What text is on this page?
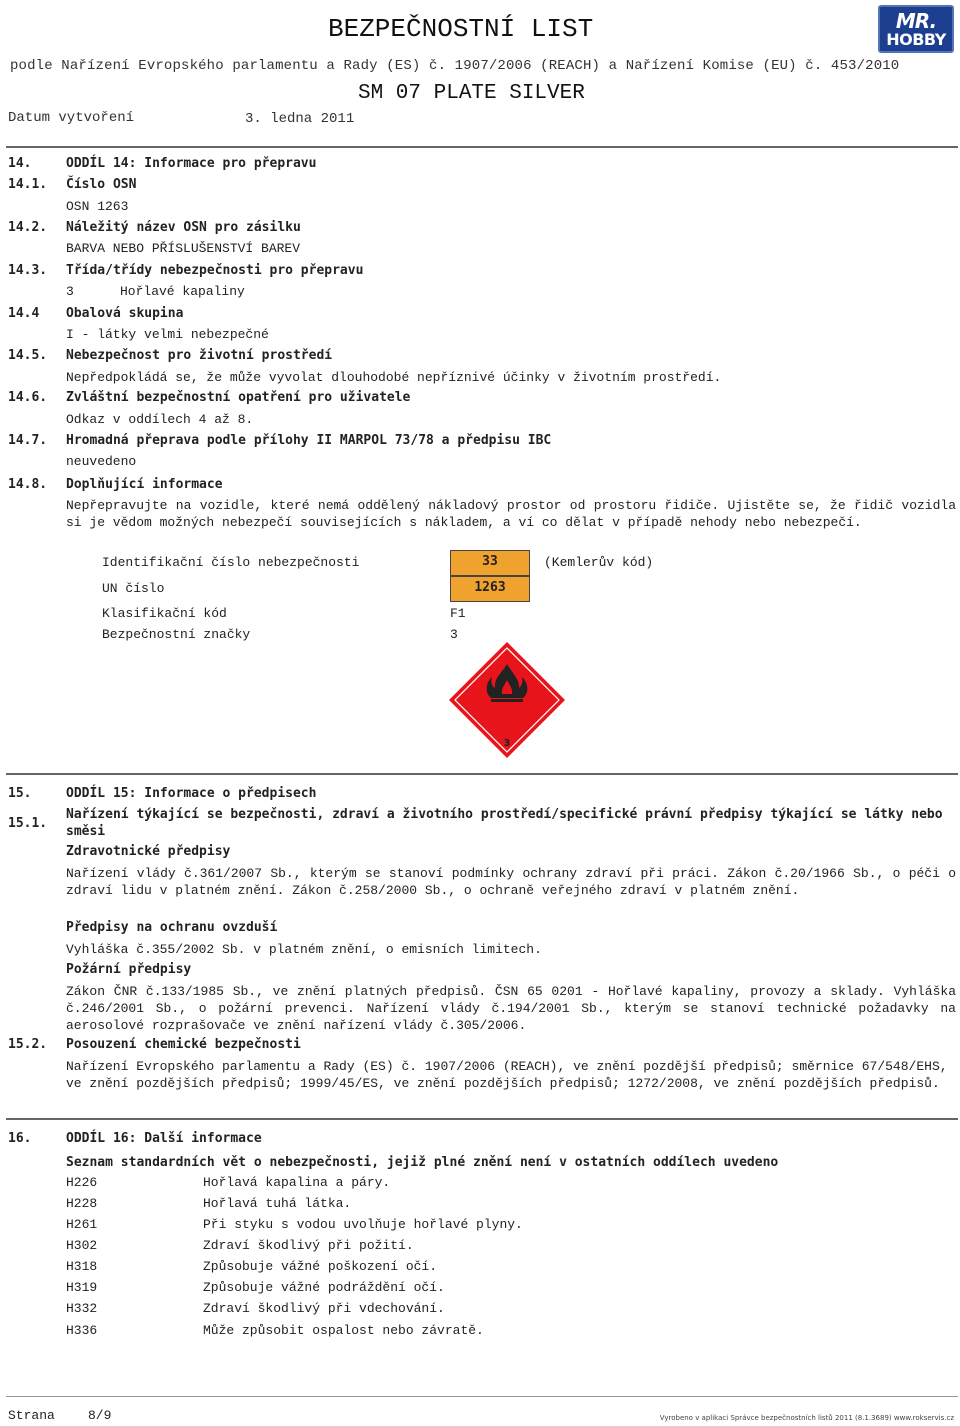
BEZPEČNOSTNÍ LIST	MR.
HOBBY
podle Nařízení Evropského parlamentu a Rady (ES) č. 1907/2006 (REACH) a Nařízení Komise (EU) č. 453/2010
SM 07 PLATE SILVER
Datum vytvoření	3. ledna 2011
14.	ODDÍL 14: Informace pro přepravu
14.1. Číslo OSN
OSN 1263
14.2. Náležitý název OSN pro zásilku
BARVA NEBO PŘÍSLUŠENSTVÍ BAREV
14.3. Třída/třídy nebezpečnosti pro přepravu
3	Hořlavé kapaliny
14.4 Obalová skupina
I - látky velmi nebezpečné
14.5. Nebezpečnost pro životní prostředí
Nepředpokládá se, že může vyvolat dlouhodobé nepříznivé účinky v životním prostředí.
14.6. Zvláštní bezpečnostní opatření pro uživatele
Odkaz v oddílech 4 až 8.
14.7. Hromadná přeprava podle přílohy II MARPOL 73/78 a předpisu IBC
neuvedeno
14.8. Doplňující informace
Nepřepravujte na vozidle, které nemá oddělený nákladový prostor od prostoru řidiče. Ujistěte se, že řidič vozidla si je vědom možných nebezpečí souvisejících s nákladem, a ví co dělat v případě nehody nebo nebezpečí.
Identifikační číslo nebezpečnosti	33	(Kemlerův kód)
UN číslo	1263
Klasifikační kód	F1
Bezpečnostní značky	3
3
15.	ODDÍL 15: Informace o předpisech
15.1.
Nařízení týkající se bezpečnosti, zdraví a životního prostředí/specifické právní předpisy týkající se látky nebo směsi
Zdravotnické předpisy
Nařízení vlády č.361/2007 Sb., kterým se stanoví podmínky ochrany zdraví při práci. Zákon č.20/1966 Sb., o péči o zdraví lidu v platném znění. Zákon č.258/2000 Sb., o ochraně veřejného zdraví v platném znění.
Předpisy na ochranu ovzduší
Vyhláška č.355/2002 Sb. v platném znění, o emisních limitech.
Požární předpisy
Zákon ČNR č.133/1985 Sb., ve znění platných předpisů. ČSN 65 0201 - Hořlavé kapaliny, provozy a sklady. Vyhláška č.246/2001 Sb., o požární prevenci. Nařízení vlády č.194/2001 Sb., kterým se stanoví technické požadavky na aerosolové rozprašovače ve znění nařízení vlády č.305/2006.
15.2. Posouzení chemické bezpečnosti
Nařízení Evropského parlamentu a Rady (ES) č. 1907/2006 (REACH), ve znění pozdější předpisů; směrnice 67/548/EHS, ve znění pozdějších předpisů; 1999/45/ES, ve znění pozdějších předpisů; 1272/2008, ve znění pozdějších předpisů.
16.	ODDÍL 16: Další informace
Seznam standardních vět o nebezpečnosti, jejiž plné znění není v ostatních oddílech uvedeno
H226	Hořlavá kapalina a páry.
H228	Hořlavá tuhá látka.
H261	Při styku s vodou uvolňuje hořlavé plyny.
H302	Zdraví škodlivý při požití.
H318	Způsobuje vážné poškození očí.
H319	Způsobuje vážné podráždění očí.
H332	Zdraví škodlivý při vdechování.
H336	Může způsobit ospalost nebo závratě.
Strana	8/9	Vyrobeno v aplikaci Správce bezpečnostních listů 2011 (8.1.3689) www.rokservis.cz
